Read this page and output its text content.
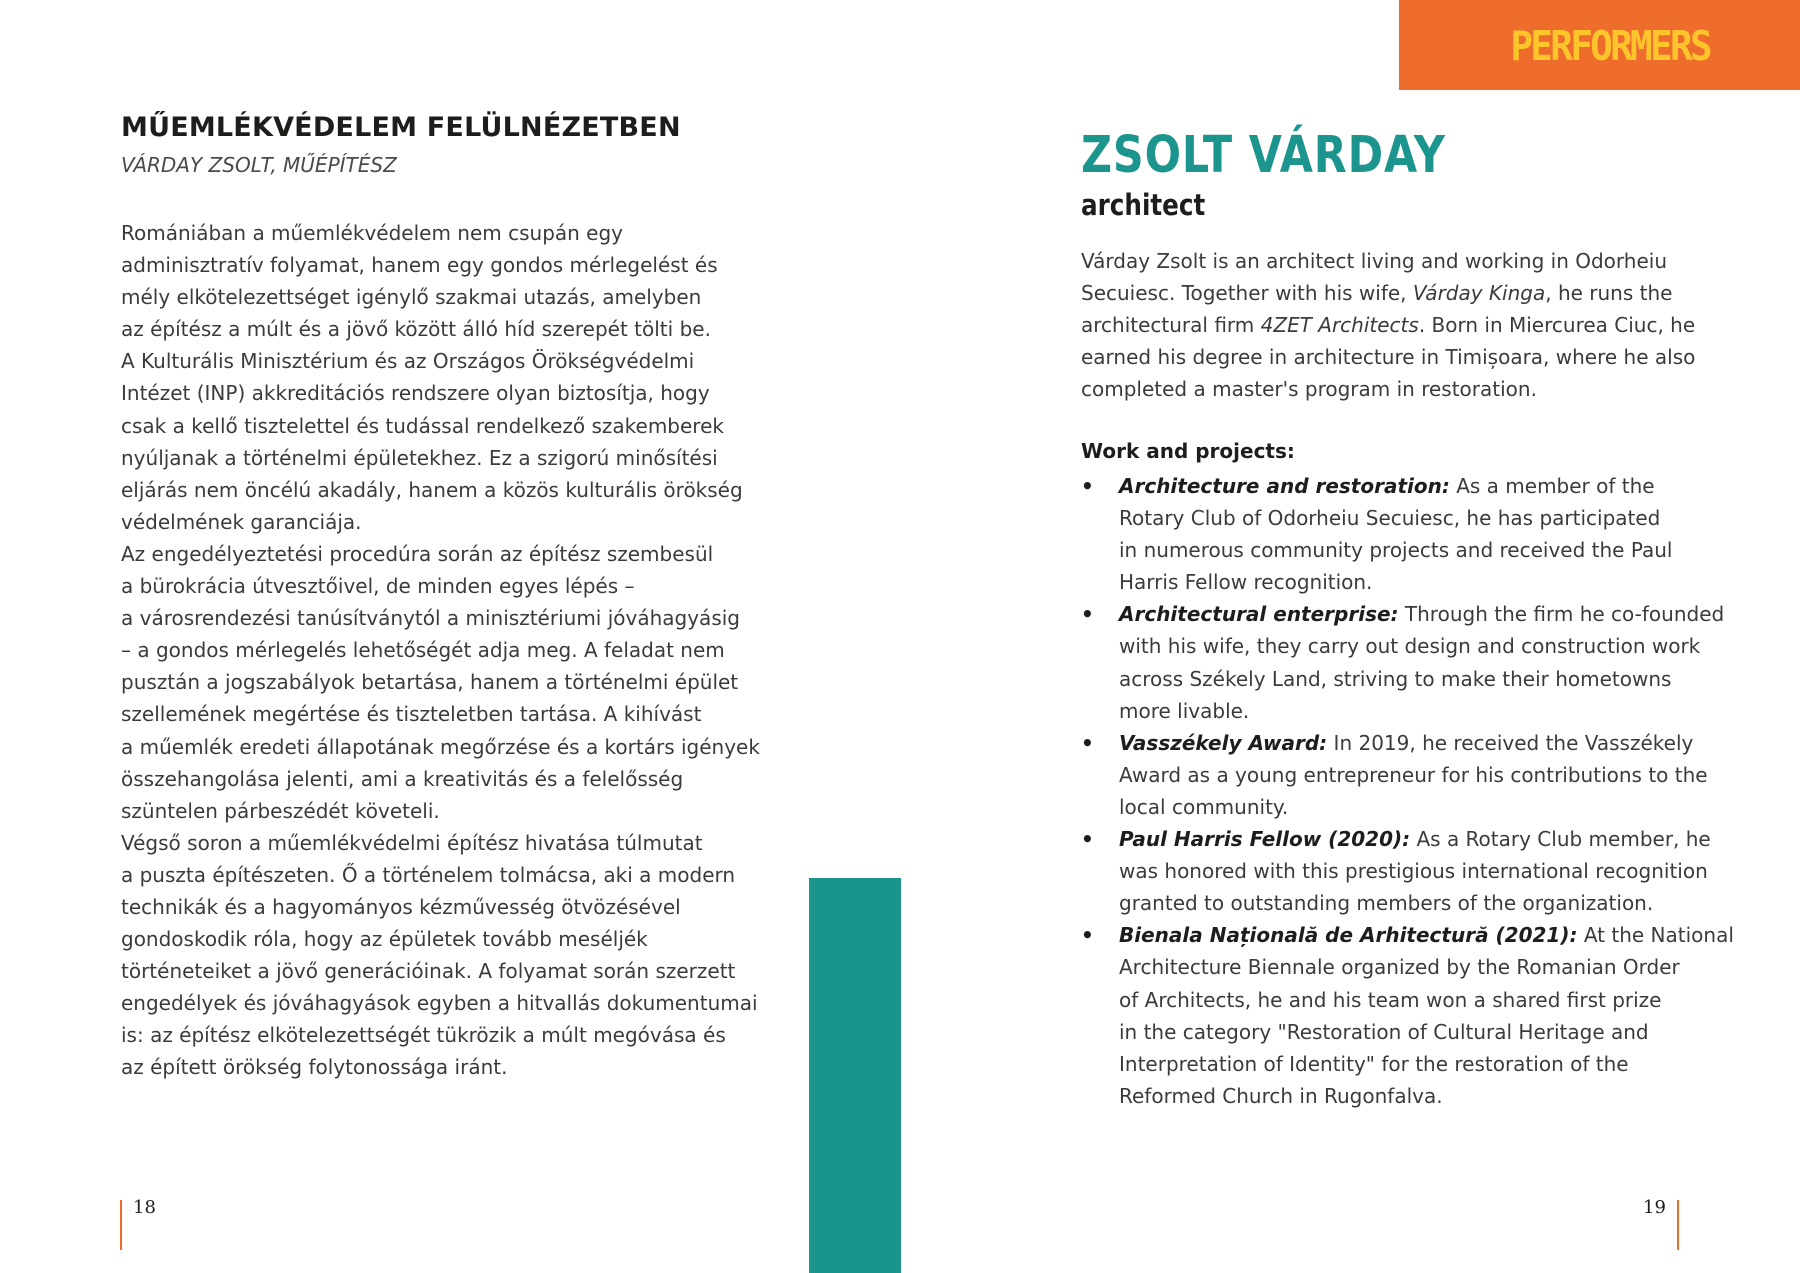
MŰEMLÉKVÉDELEM FELÜLNÉZETBEN
VÁRDAY ZSOLT, MŰÉPÍTÉSZ
Romániában a műemlékvédelem nem csupán egy
adminisztratív folyamat, hanem egy gondos mérlegelést és
mély elkötelezettséget igénylő szakmai utazás, amelyben
az építész a múlt és a jövő között álló híd szerepét tölti be.
A Kulturális Minisztérium és az Országos Örökségvédelmi
Intézet (INP) akkreditációs rendszere olyan biztosítja, hogy
csak a kellő tisztelettel és tudással rendelkező szakemberek
nyúljanak a történelmi épületekhez. Ez a szigorú minősítési
eljárás nem öncélú akadály, hanem a közös kulturális örökség
védelmének garanciája.
Az engedélyeztetési procedúra során az építész szembesül
a bürokrácia útvesztőivel, de minden egyes lépés –
a városrendezési tanúsítványtól a minisztériumi jóváhagyásig
– a gondos mérlegelés lehetőségét adja meg. A feladat nem
pusztán a jogszabályok betartása, hanem a történelmi épület
szellemének megértése és tiszteletben tartása. A kihívást
a műemlék eredeti állapotának megőrzése és a kortárs igények
összehangolása jelenti, ami a kreativitás és a felelősség
szüntelen párbeszédét követeli.
Végső soron a műemlékvédelmi építész hivatása túlmutat
a puszta építészeten. Ő a történelem tolmácsa, aki a modern
technikák és a hagyományos kézművesség ötvözésével
gondoskodik róla, hogy az épületek tovább meséljék
történeteiket a jövő generációinak. A folyamat során szerzett
engedélyek és jóváhagyások egyben a hitvallás dokumentumai
is: az építész elkötelezettségét tükrözik a múlt megóvása és
az épített örökség folytonossága iránt.
18
PERFORMERS
ZSOLT VÁRDAY
architect
Várday Zsolt is an architect living and working in Odorheiu
Secuiesc. Together with his wife, Várday Kinga, he runs the
architectural firm 4ZET Architects. Born in Miercurea Ciuc, he
earned his degree in architecture in Timișoara, where he also
completed a master's program in restoration.
Work and projects:
• Architecture and restoration: As a member of the
Rotary Club of Odorheiu Secuiesc, he has participated
in numerous community projects and received the Paul
Harris Fellow recognition.
• Architectural enterprise: Through the firm he co-founded
with his wife, they carry out design and construction work
across Székely Land, striving to make their hometowns
more livable.
• Vasszékely Award: In 2019, he received the Vasszékely
Award as a young entrepreneur for his contributions to the
local community.
• Paul Harris Fellow (2020): As a Rotary Club member, he
was honored with this prestigious international recognition
granted to outstanding members of the organization.
• Bienala Națională de Arhitectură (2021): At the National
Architecture Biennale organized by the Romanian Order
of Architects, he and his team won a shared first prize
in the category "Restoration of Cultural Heritage and
Interpretation of Identity" for the restoration of the
Reformed Church in Rugonfalva.
19
